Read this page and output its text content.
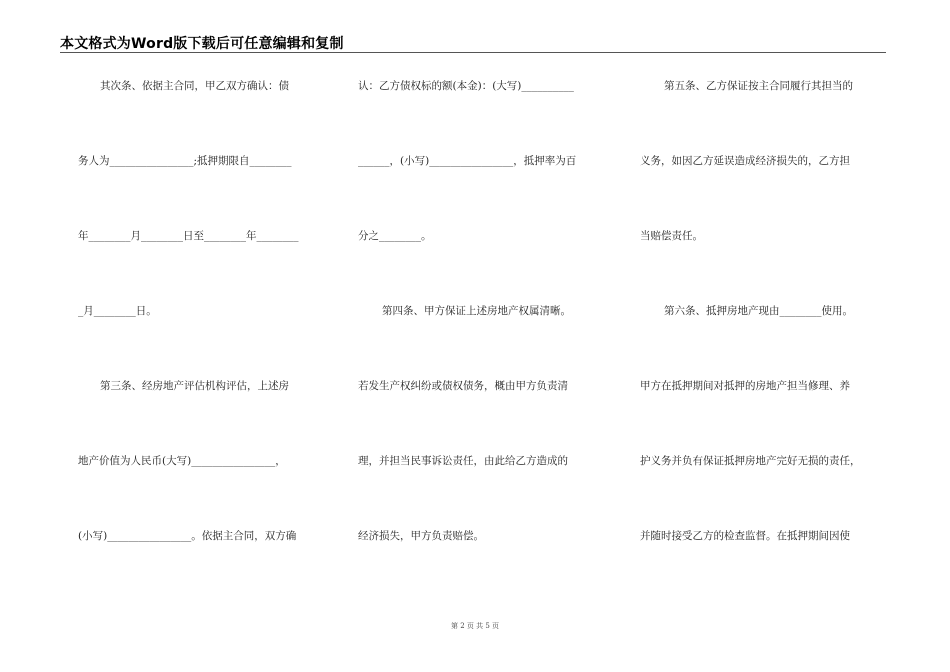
本文格式为Word版下载后可任意编辑和复制
其次条、依据主合同，甲乙双方确认：债
务人为________________;抵押期限自________
年________月________日至________年________
_月________日。
第三条、经房地产评估机构评估，上述房
地产价值为人民币(大写)________________，
(小写)________________。依据主合同，双方确
认：乙方债权标的额(本金)：(大写)__________
______，(小写)________________，抵押率为百
分之________。
第四条、甲方保证上述房地产权属清晰。
若发生产权纠纷或债权债务，概由甲方负责清
理，并担当民事诉讼责任，由此给乙方造成的
经济损失，甲方负责赔偿。
第五条、乙方保证按主合同履行其担当的
义务，如因乙方延误造成经济损失的，乙方担
当赔偿责任。
第六条、抵押房地产现由________使用。
甲方在抵押期间对抵押的房地产担当修理、养
护义务并负有保证抵押房地产完好无损的责任，
并随时接受乙方的检查监督。在抵押期间因使
第 2 页 共 5 页
